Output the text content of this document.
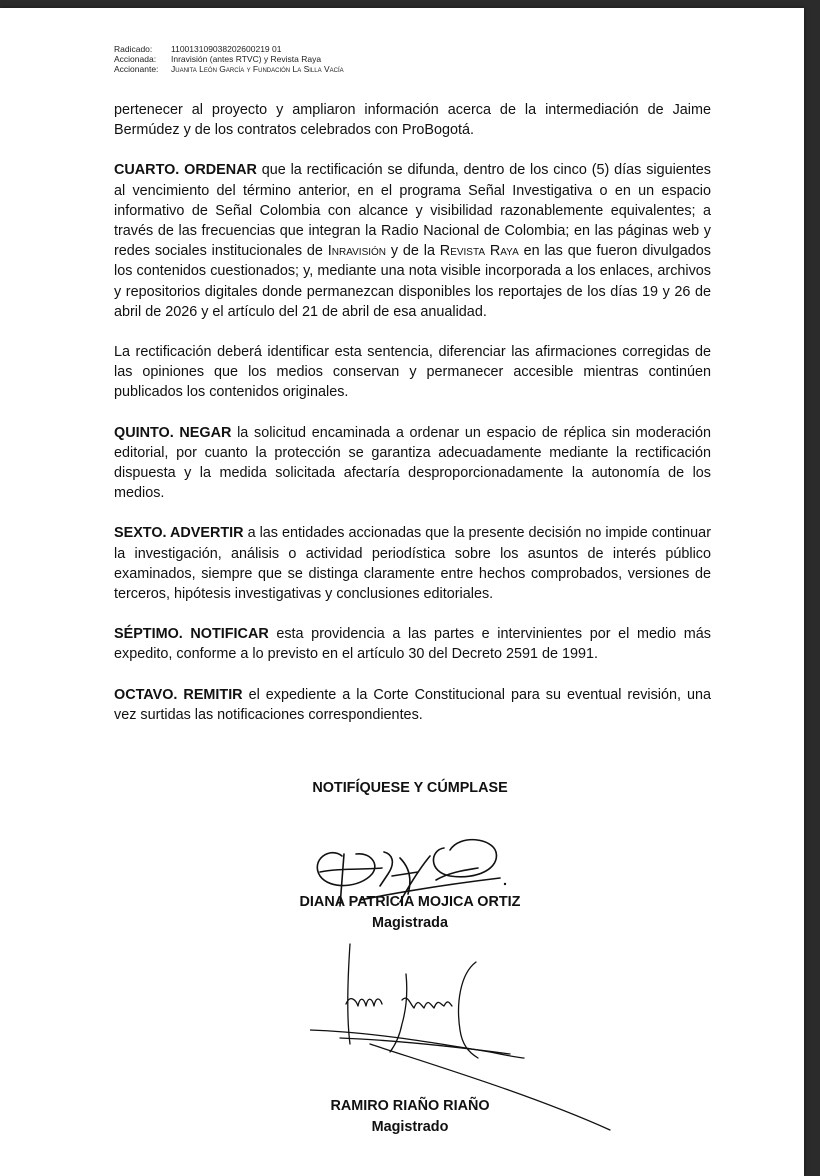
Radicado:	110013109038202600219 01
Accionada:	Inravisión (antes RTVC) y Revista Raya
Accionante:	Juanita León García y Fundación La Silla Vacía

pertenecer al proyecto y ampliaron información acerca de la intermediación de Jaime Bermúdez y de los contratos celebrados con ProBogotá.

CUARTO. ORDENAR que la rectificación se difunda, dentro de los cinco (5) días siguientes al vencimiento del término anterior, en el programa Señal Investigativa o en un espacio informativo de Señal Colombia con alcance y visibilidad razonablemente equivalentes; a través de las frecuencias que integran la Radio Nacional de Colombia; en las páginas web y redes sociales institucionales de Inravisión y de la Revista Raya en las que fueron divulgados los contenidos cuestionados; y, mediante una nota visible incorporada a los enlaces, archivos y repositorios digitales donde permanezcan disponibles los reportajes de los días 19 y 26 de abril de 2026 y el artículo del 21 de abril de esa anualidad.

La rectificación deberá identificar esta sentencia, diferenciar las afirmaciones corregidas de las opiniones que los medios conservan y permanecer accesible mientras continúen publicados los contenidos originales.

QUINTO. NEGAR la solicitud encaminada a ordenar un espacio de réplica sin moderación editorial, por cuanto la protección se garantiza adecuadamente mediante la rectificación dispuesta y la medida solicitada afectaría desproporcionadamente la autonomía de los medios.

SEXTO. ADVERTIR a las entidades accionadas que la presente decisión no impide continuar la investigación, análisis o actividad periodística sobre los asuntos de interés público examinados, siempre que se distinga claramente entre hechos comprobados, versiones de terceros, hipótesis investigativas y conclusiones editoriales.

SÉPTIMO. NOTIFICAR esta providencia a las partes e intervinientes por el medio más expedito, conforme a lo previsto en el artículo 30 del Decreto 2591 de 1991.

OCTAVO. REMITIR el expediente a la Corte Constitucional para su eventual revisión, una vez surtidas las notificaciones correspondientes.

NOTIFÍQUESE Y CÚMPLASE
DIANA PATRICIA MOJICA ORTIZ
Magistrada
RAMIRO RIAÑO RIAÑO
Magistrado
